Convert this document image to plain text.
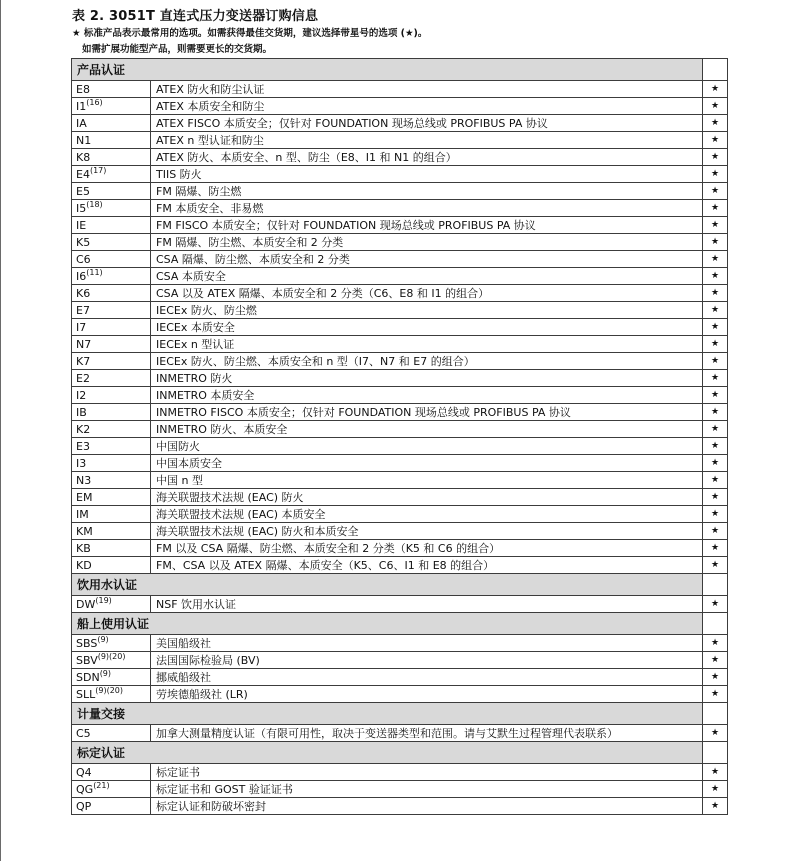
表 2. 3051T 直连式压力变送器订购信息
★ 标准产品表示最常用的选项。如需获得最佳交货期，建议选择带星号的选项 (★)。
如需扩展功能型产品，则需要更长的交货期。
产品认证		
E8	ATEX 防火和防尘认证	★
I1$^{(16)}$	ATEX 本质安全和防尘	★
IA	ATEX FISCO 本质安全；仅针对 FOUNDATION 现场总线或 PROFIBUS PA 协议	★
N1	ATEX n 型认证和防尘	★
K8	ATEX 防火、本质安全、n 型、防尘（E8、I1 和 N1 的组合）	★
E4$^{(17)}$	TIIS 防火	★
E5	FM 隔爆、防尘燃	★
I5$^{(18)}$	FM 本质安全、非易燃	★
IE	FM FISCO 本质安全；仅针对 FOUNDATION 现场总线或 PROFIBUS PA 协议	★
K5	FM 隔爆、防尘燃、本质安全和 2 分类	★
C6	CSA 隔爆、防尘燃、本质安全和 2 分类	★
I6$^{(11)}$	CSA 本质安全	★
K6	CSA 以及 ATEX 隔爆、本质安全和 2 分类（C6、E8 和 I1 的组合）	★
E7	IECEx 防火、防尘燃	★
I7	IECEx 本质安全	★
N7	IECEx n 型认证	★
K7	IECEx 防火、防尘燃、本质安全和 n 型（I7、N7 和 E7 的组合）	★
E2	INMETRO 防火	★
I2	INMETRO 本质安全	★
IB	INMETRO FISCO 本质安全；仅针对 FOUNDATION 现场总线或 PROFIBUS PA 协议	★
K2	INMETRO 防火、本质安全	★
E3	中国防火	★
I3	中国本质安全	★
N3	中国 n 型	★
EM	海关联盟技术法规 (EAC) 防火	★
IM	海关联盟技术法规 (EAC) 本质安全	★
KM	海关联盟技术法规 (EAC) 防火和本质安全	★
KB	FM 以及 CSA 隔爆、防尘燃、本质安全和 2 分类（K5 和 C6 的组合）	★
KD	FM、CSA 以及 ATEX 隔爆、本质安全（K5、C6、I1 和 E8 的组合）	★
饮用水认证		
DW$^{(19)}$	NSF 饮用水认证	★
船上使用认证		
SBS$^{(9)}$	美国船级社	★
$SBV^{(9)(20)}$	法国国际检验局 (BV)	★
SDN$^{(9)}$	挪威船级社	★
$SLL^{(9)(20)}$	劳埃德船级社 (LR)	★
计量交接		
C5	加拿大测量精度认证（有限可用性，取决于变送器类型和范围。请与艾默生过程管理代表联系）	★
标定认证		
Q4	标定证书	★
QG$^{(21)}$	标定证书和 GOST 验证证书	★
QP	标定认证和防破坏密封	★
